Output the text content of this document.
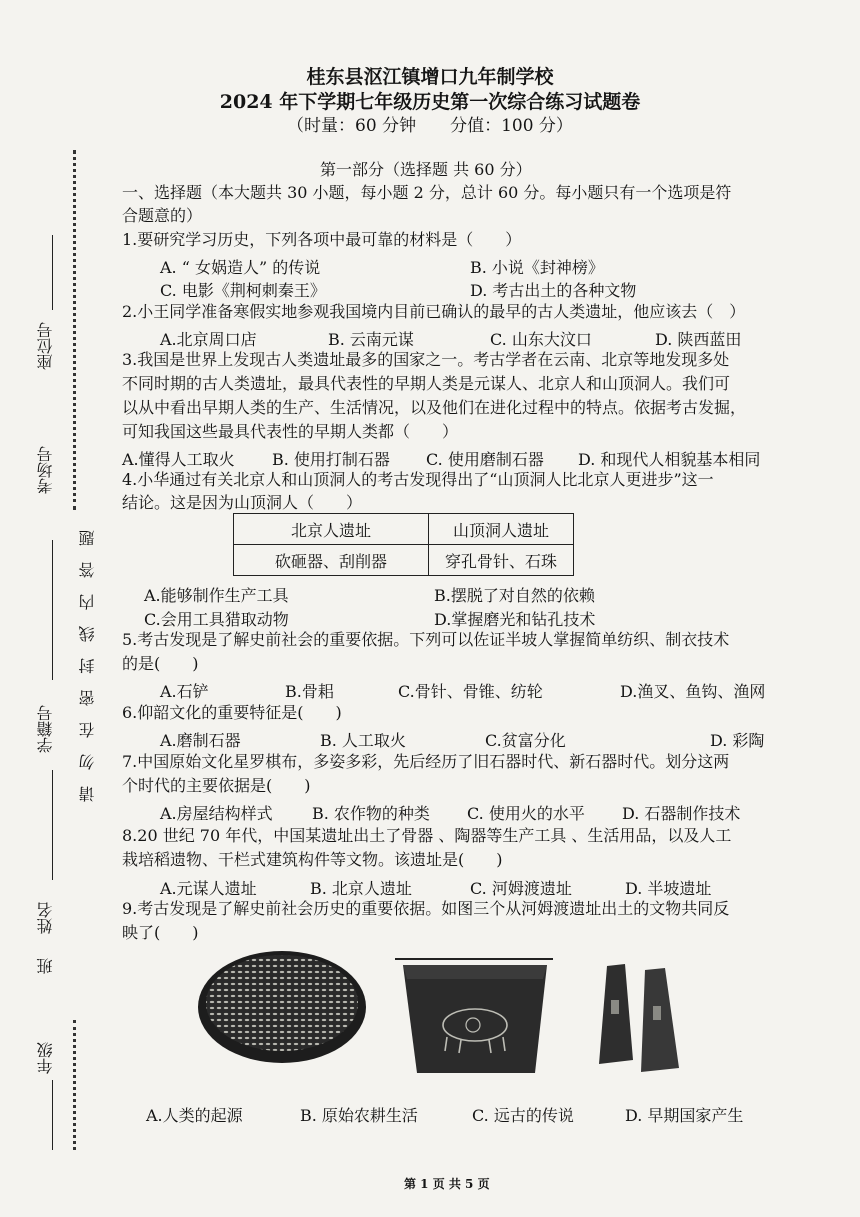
桂东县沤江镇增口九年制学校
2024 年下学期七年级历史第一次综合练习试题卷
（时量：60 分钟　　分值：100 分）
第一部分（选择题 共 60 分）
一、选择题（本大题共 30 小题，每小题 2 分，总计 60 分。每小题只有一个选项是符
合题意的）
1.要研究学习历史，下列各项中最可靠的材料是（　　）
A. “ 女娲造人” 的传说	B. 小说《封神榜》
C. 电影《荆柯刺秦王》	D. 考古出土的各种文物
2.小王同学准备寒假实地参观我国境内目前已确认的最早的古人类遗址，他应该去（　）
A.北京周口店	B. 云南元谋	C. 山东大汶口	D. 陕西蓝田
3.我国是世界上发现古人类遗址最多的国家之一。考古学者在云南、北京等地发现多处
不同时期的古人类遗址，最具代表性的早期人类是元谋人、北京人和山顶洞人。我们可
以从中看出早期人类的生产、生活情况，以及他们在进化过程中的特点。依据考古发掘，
可知我国这些最具代表性的早期人类都（　　）
A.懂得人工取火 B. 使用打制石器 C. 使用磨制石器 D. 和现代人相貌基本相同
4.小华通过有关北京人和山顶洞人的考古发现得出了“山顶洞人比北京人更进步”这一
结论。这是因为山顶洞人（　　）
北京人遗址	山顶洞人遗址
砍砸器、刮削器	穿孔骨针、石珠
A.能够制作生产工具	B.摆脱了对自然的依赖
C.会用工具猎取动物	D.掌握磨光和钻孔技术
5.考古发现是了解史前社会的重要依据。下列可以佐证半坡人掌握简单纺织、制衣技术
的是(　　)
A.石铲	B.骨耜	C.骨针、骨锥、纺轮	D.渔叉、鱼钩、渔网
6.仰韶文化的重要特征是(　　)
A.磨制石器	B. 人工取火	C.贫富分化	D. 彩陶
7.中国原始文化星罗棋布，多姿多彩，先后经历了旧石器时代、新石器时代。划分这两
个时代的主要依据是(　　)
A.房屋结构样式 B. 农作物的种类 C. 使用火的水平 D. 石器制作技术
8.20 世纪 70 年代，中国某遗址出土了骨器 、陶器等生产工具 、生活用品，以及人工
栽培稻遗物、干栏式建筑构件等文物。该遗址是(　　)
A.元谋人遗址	B. 北京人遗址	C. 河姆渡遗址	D. 半坡遗址
9.考古发现是了解史前社会历史的重要依据。如图三个从河姆渡遗址出土的文物共同反
映了(　　)
A.人类的起源	B. 原始农耕生活	C. 远古的传说	D. 早期国家产生
座位号
考场号
请　勿　在　密　封　线　内　答　题
学籍号
姓名
班
年级
第 1 页 共 5 页
